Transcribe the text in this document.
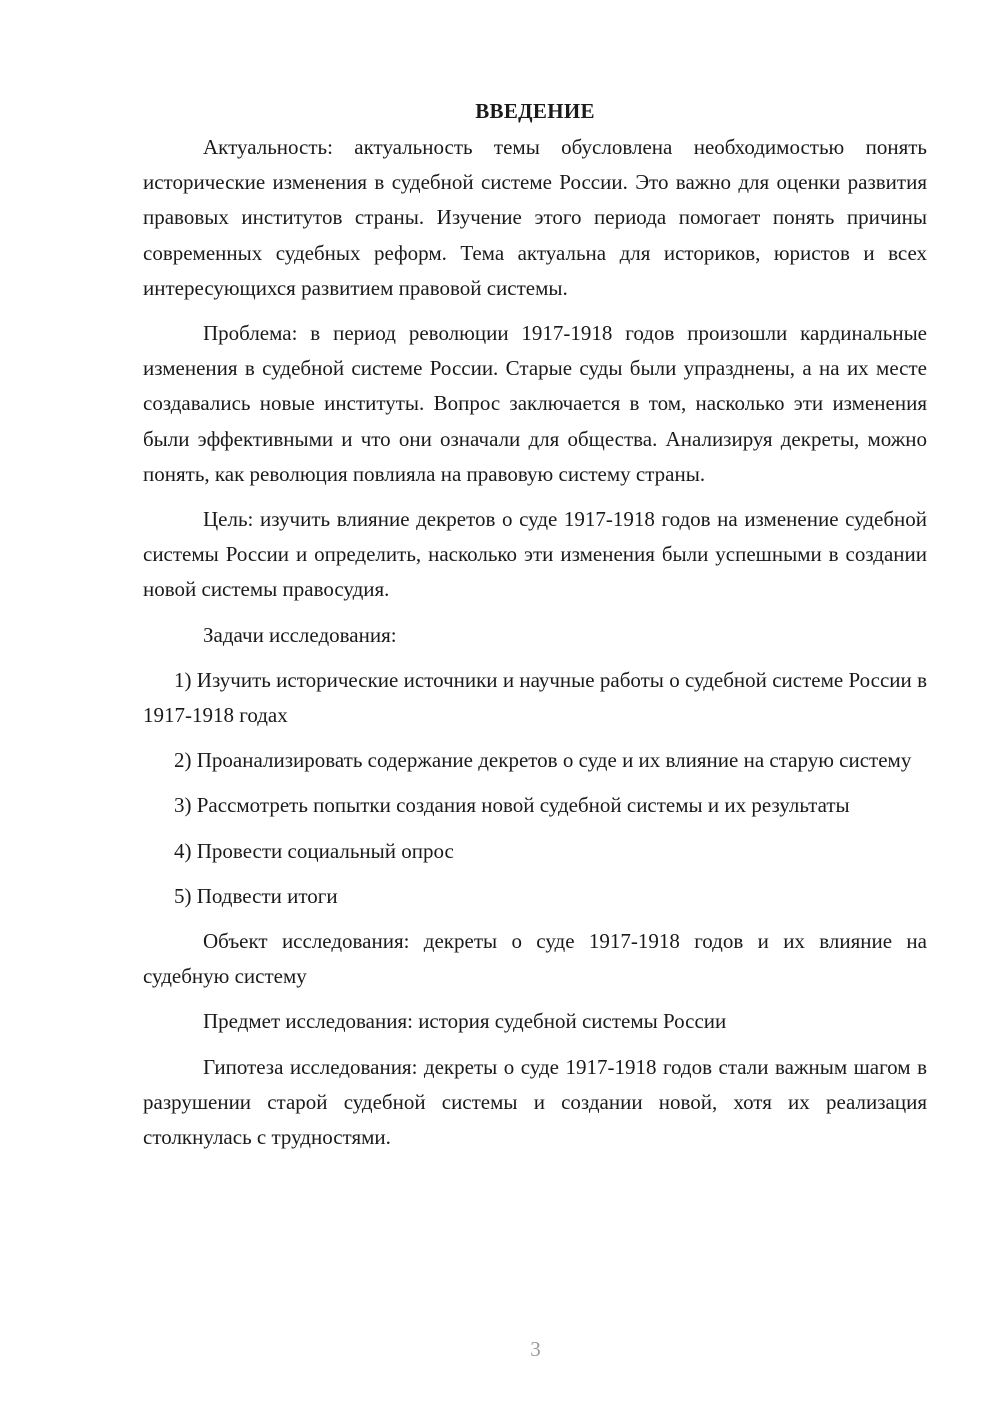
ВВЕДЕНИЕ

Актуальность: актуальность темы обусловлена необходимостью понять исторические изменения в судебной системе России. Это важно для оценки развития правовых институтов страны. Изучение этого периода помогает понять причины современных судебных реформ. Тема актуальна для историков, юристов и всех интересующихся развитием правовой системы.

Проблема: в период революции 1917-1918 годов произошли кардинальные изменения в судебной системе России. Старые суды были упразднены, а на их месте создавались новые институты. Вопрос заключается в том, насколько эти изменения были эффективными и что они означали для общества. Анализируя декреты, можно понять, как революция повлияла на правовую систему страны.

Цель: изучить влияние декретов о суде 1917-1918 годов на изменение судебной системы России и определить, насколько эти изменения были успешными в создании новой системы правосудия.

Задачи исследования:

1) Изучить исторические источники и научные работы о судебной системе России в 1917-1918 годах

2) Проанализировать содержание декретов о суде и их влияние на старую систему

3) Рассмотреть попытки создания новой судебной системы и их результаты

4) Провести социальный опрос

5) Подвести итоги

Объект исследования: декреты о суде 1917-1918 годов и их влияние на судебную систему

Предмет исследования: история судебной системы России

Гипотеза исследования: декреты о суде 1917-1918 годов стали важным шагом в разрушении старой судебной системы и создании новой, хотя их реализация столкнулась с трудностями.

3
